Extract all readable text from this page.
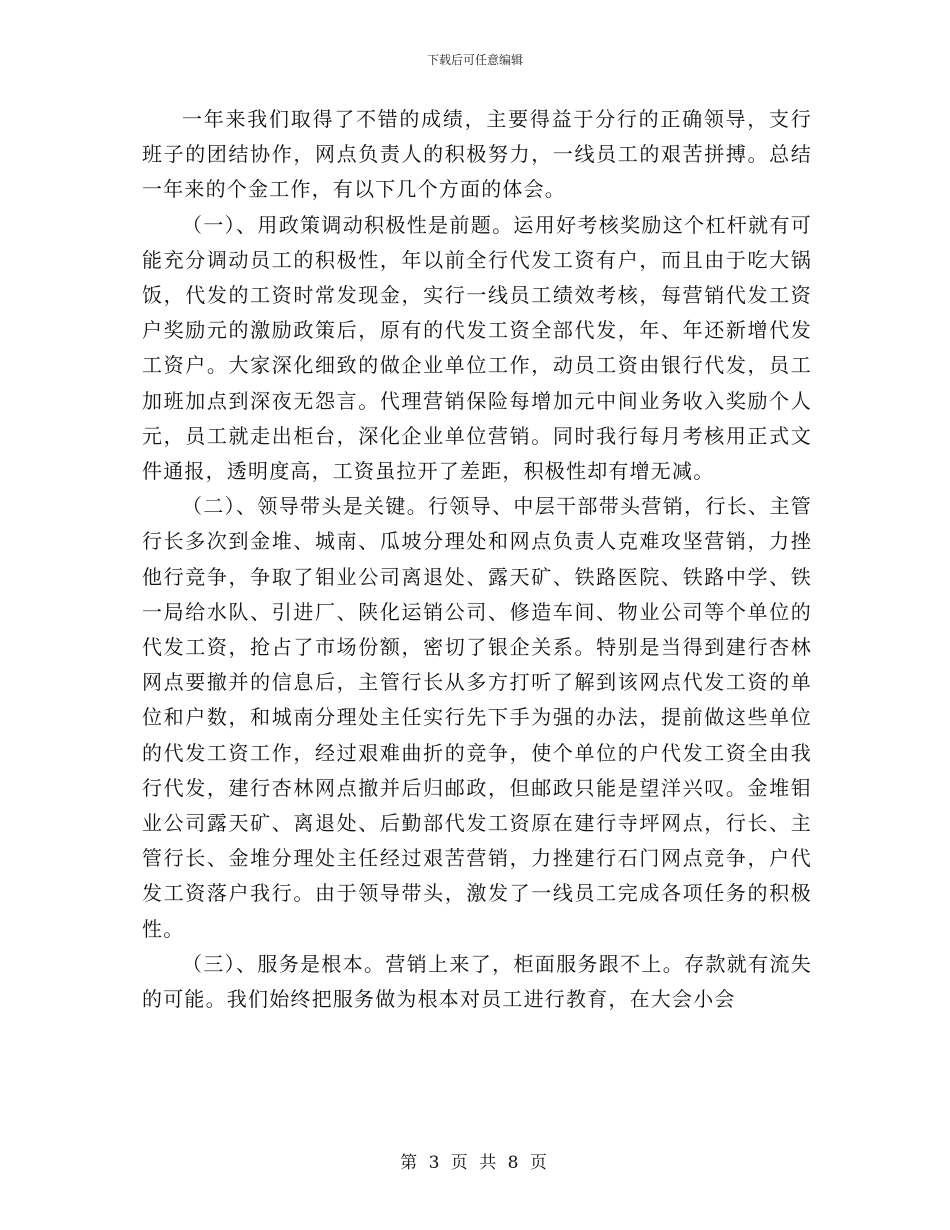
下载后可任意编辑

一年来我们取得了不错的成绩，主要得益于分行的正确领导，支行班子的团结协作，网点负责人的积极努力，一线员工的艰苦拼搏。总结一年来的个金工作，有以下几个方面的体会。

（一）、用政策调动积极性是前题。运用好考核奖励这个杠杆就有可能充分调动员工的积极性，年以前全行代发工资有户，而且由于吃大锅饭，代发的工资时常发现金，实行一线员工绩效考核，每营销代发工资户奖励元的激励政策后，原有的代发工资全部代发，年、年还新增代发工资户。大家深化细致的做企业单位工作，动员工资由银行代发，员工加班加点到深夜无怨言。代理营销保险每增加元中间业务收入奖励个人元，员工就走出柜台，深化企业单位营销。同时我行每月考核用正式文件通报，透明度高，工资虽拉开了差距，积极性却有增无减。

（二）、领导带头是关键。行领导、中层干部带头营销，行长、主管行长多次到金堆、城南、瓜坡分理处和网点负责人克难攻坚营销，力挫他行竞争，争取了钼业公司离退处、露天矿、铁路医院、铁路中学、铁一局给水队、引进厂、陕化运销公司、修造车间、物业公司等个单位的代发工资，抢占了市场份额，密切了银企关系。特别是当得到建行杏林网点要撤并的信息后，主管行长从多方打听了解到该网点代发工资的单位和户数，和城南分理处主任实行先下手为强的办法，提前做这些单位的代发工资工作，经过艰难曲折的竞争，使个单位的户代发工资全由我行代发，建行杏林网点撤并后归邮政，但邮政只能是望洋兴叹。金堆钼业公司露天矿、离退处、后勤部代发工资原在建行寺坪网点，行长、主管行长、金堆分理处主任经过艰苦营销，力挫建行石门网点竞争，户代发工资落户我行。由于领导带头，激发了一线员工完成各项任务的积极性。

（三）、服务是根本。营销上来了，柜面服务跟不上。存款就有流失的可能。我们始终把服务做为根本对员工进行教育，在大会小会

第 3 页 共 8 页
